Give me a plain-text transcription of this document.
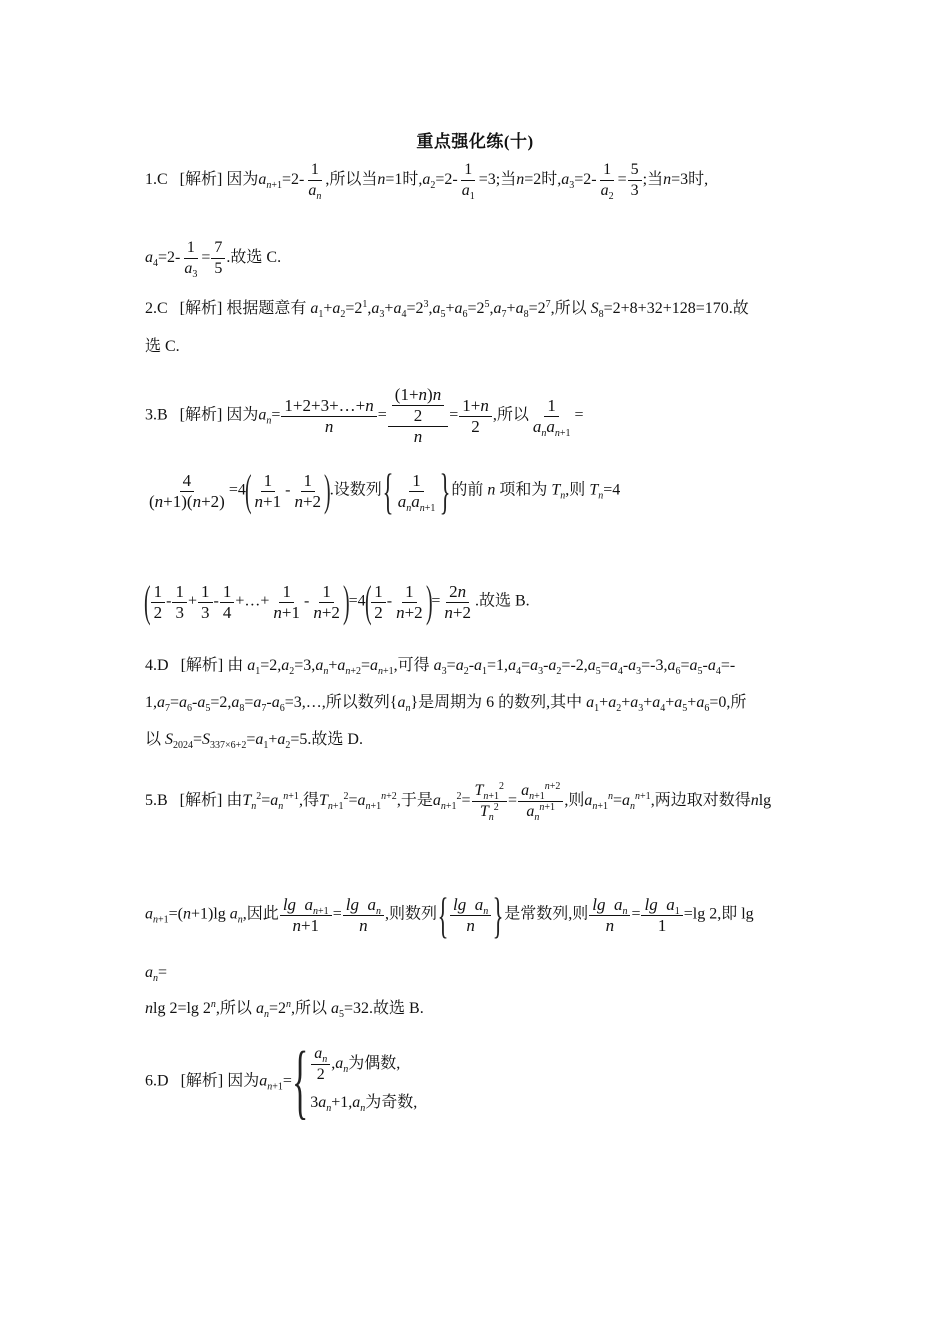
重点强化练(十)
1.C [解析] 因为$a_{n+1}=2- \frac{1}{a_n}$ ,所以当n=1时$,a_2=2- \frac{1}{a_1} =3$;当n=2时$,a_3=2- \frac{1}{a_2} = \frac{5}{3}$ ;当n=3时,
$a_4=2- \frac{1}{a_3} = \frac{7}{5}$ .故选 C.
2.C [解析] 根据题意有 $a_1+a_2=2^1,a_3+a_4=2^3,a_5+a_6=2^5,a_7+a_8=2^7$,所以 $S_8=2+8+32+128=170$.故
选 C.
3.B [解析] 因为$a_n= \frac{1+2+3+\dots+n}{n} = \frac{\frac{(1+n)n}{2}}{n} = \frac{1+n}{2}$ ,所以 $\frac{1}{a_na_{n+1}}$ =
$\frac{4}{(n+1)(n+2)} =4( \frac{1}{n+1} - \frac{1}{n+2}$ ).设数列{ $\frac{1}{a_na_{n+1}}$ }的前 n 项和为 $T_n$,则 $T_n=4$
( $\frac{1}{2} - \frac{1}{3} + \frac{1}{3} - \frac{1}{4}$ +…+ $\frac{1}{n+1} - \frac{1}{n+2} )=4( \frac{1}{2} - \frac{1}{n+2}$ )= $\frac{2n}{n+2}$ .故选 B.
4.D [解析] 由 $a_1=2,a_2=3,a_n+a_{n+2}=a_{n+1}$,可得 $a_3=a_2-a_1=1,a_4=a_3-a_2=-2,a_5=a_4-a_3=-3,a_6=a_5-a_4=-$
$1,a_7=a_6-a_5=2,a_8=a_7-a_6=3,\dots$,所以数列$\{a_n\}$是周期为 6 的数列,其中 $a_1+a_2+a_3+a_4+a_5+a_6=0$,所
以 $S_{2024}=S_{337\times 6+2}=a_1+a_2=5$.故选 D.
5.B [解析] 由$T_n^2=a_n^{n+1}$,得$T_{n+1}^2=a_{n+1}^{n+2}$,于是$a_{n+1}^2= \frac{T_{n+1}^2}{T_n^2} = \frac{a_{n+1}^{n+2}}{a_n^{n+1}}$ ,则$a_{n+1}^n=a_n^{n+1}$,两边取对数得nlg
$a_{n+1}=(n+1)\lg$ $a_n$,因此 $\frac{\lg a_{n+1}}{n+1} = \frac{\lg a_n}{n}$ ,则数列{ $\frac{\lg a_n}{n}$ }是常数列,则 $\frac{\lg a_n}{n} = \frac{\lg a_1}{1} =\lg$ 2,即 lg
$a_n=$
nlg 2=lg 2$^n$,所以 $a_n=2^n$,所以 $a_5=32$.故选 B.
6.D [解析] 因为$a_{n+1}=$ { $\frac{a_n}{2} ,a_n$为偶数,
$3a_n+1,a_n$为奇数,
